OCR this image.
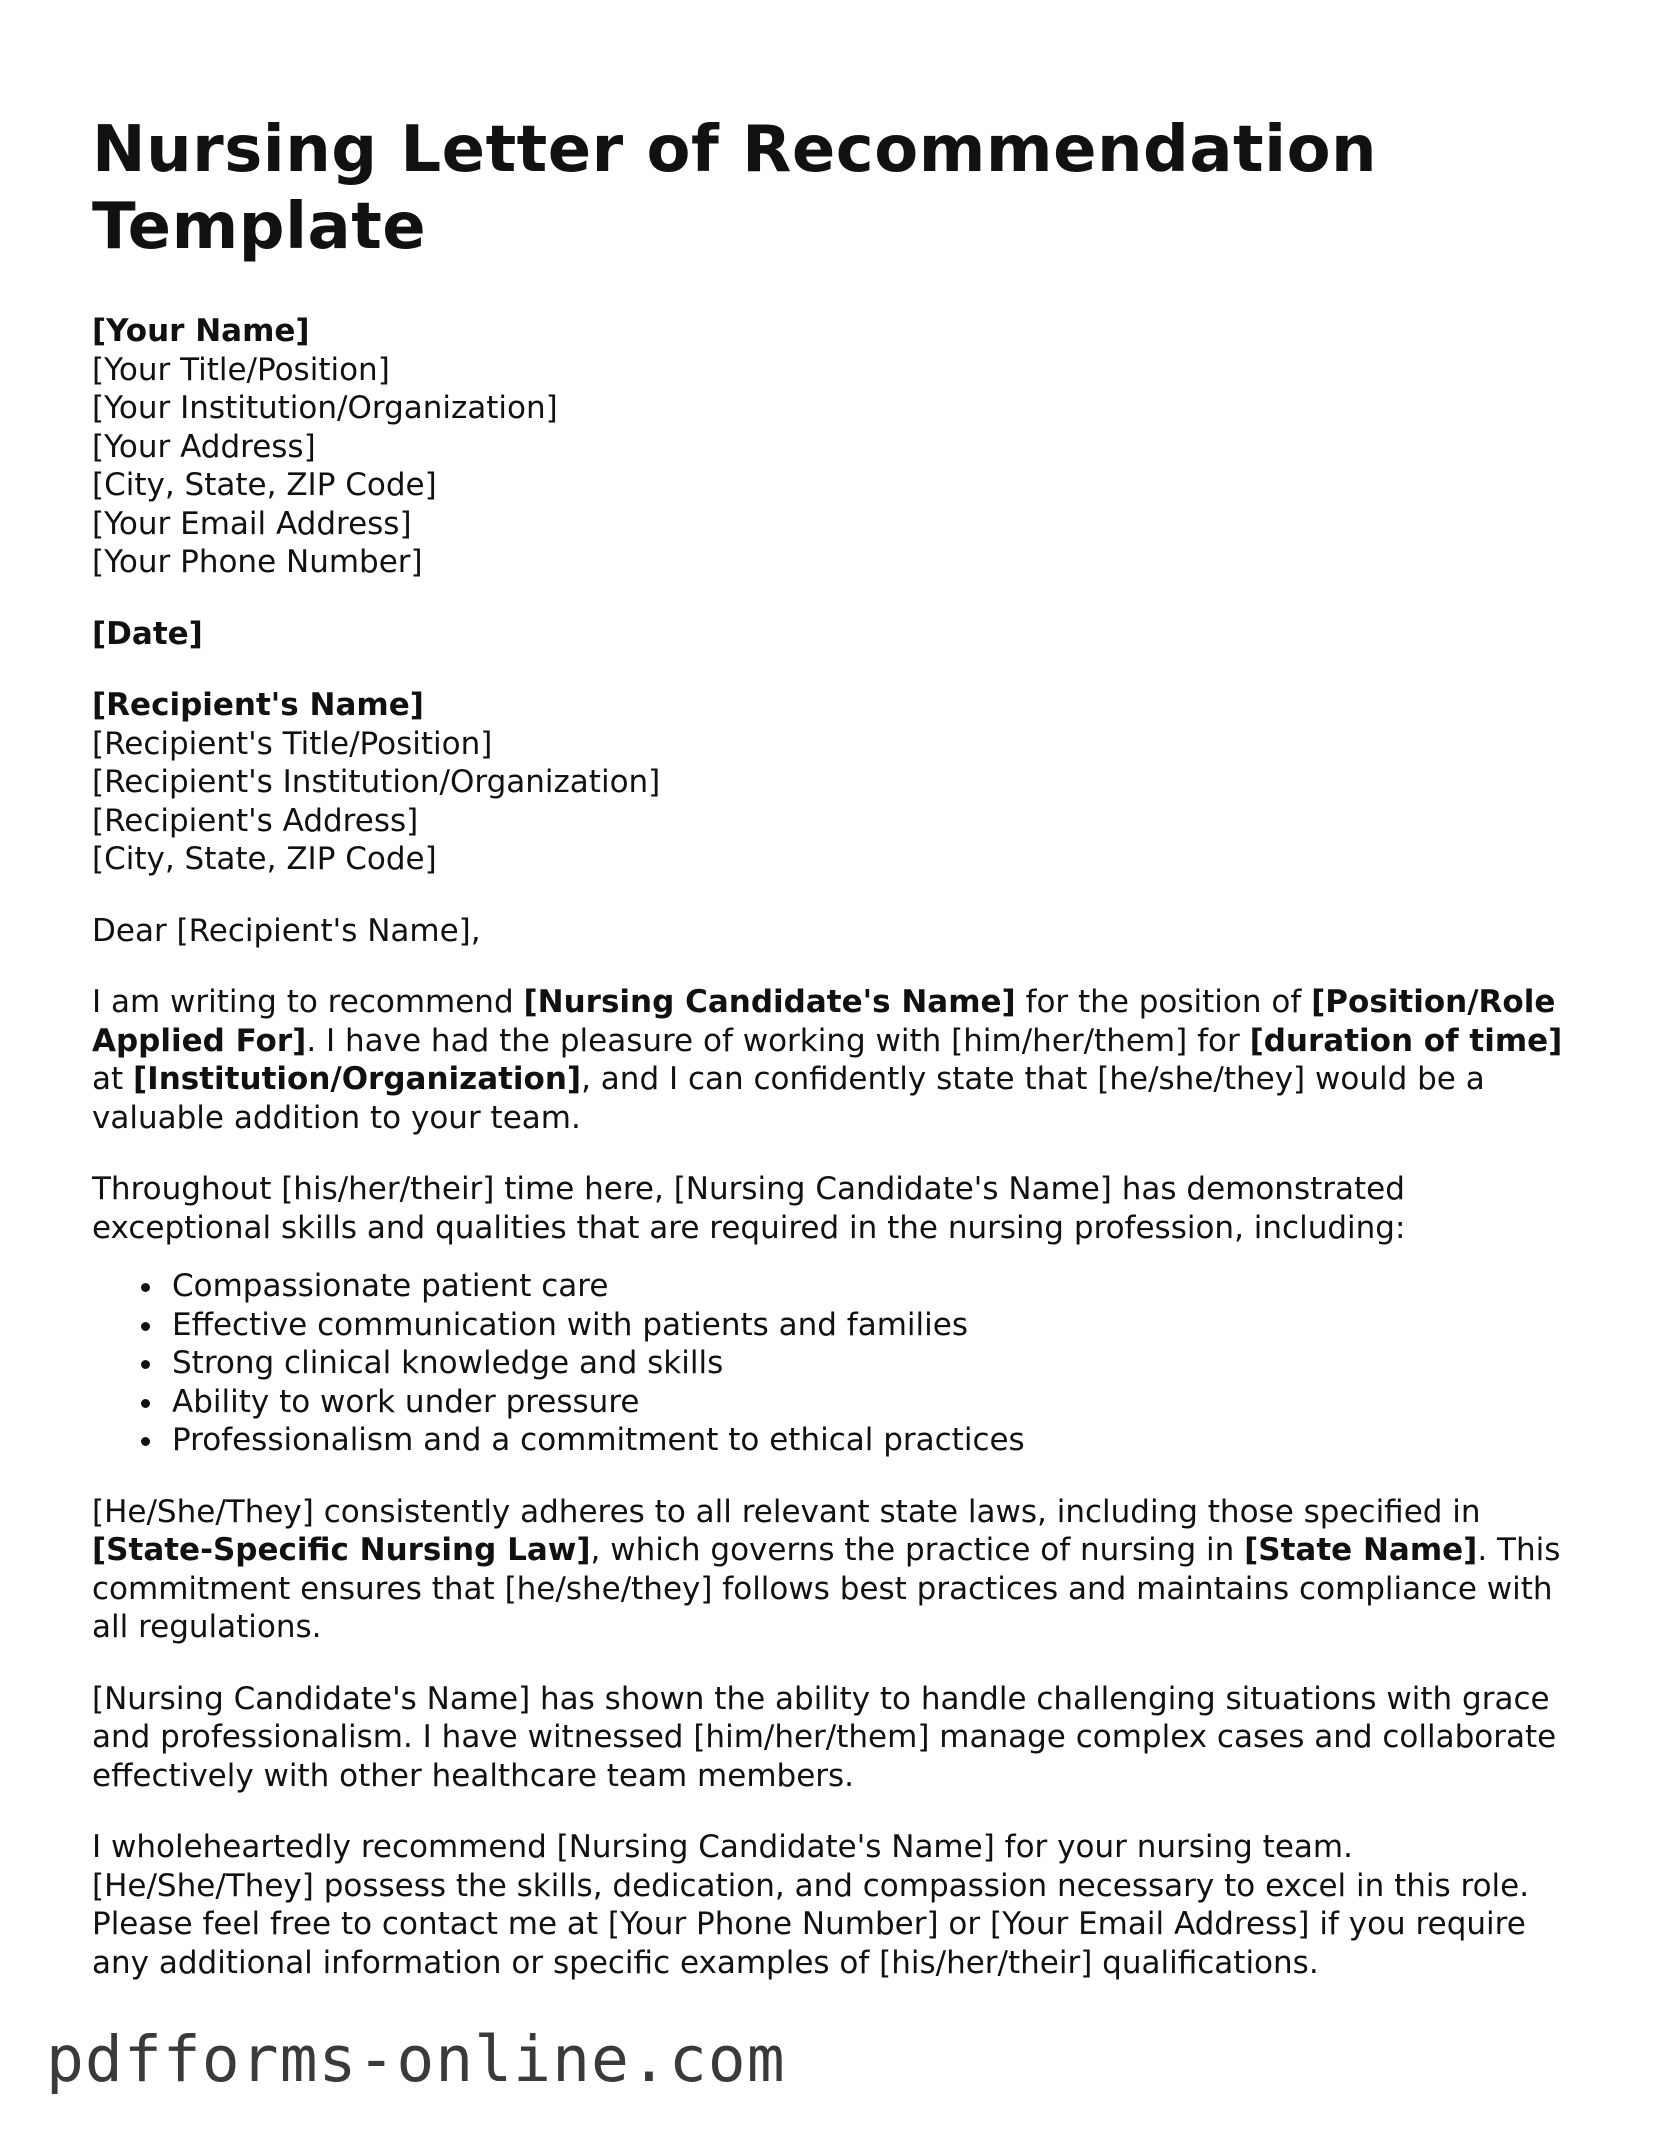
Nursing Letter of Recommendation Template
[Your Name]
[Your Title/Position]
[Your Institution/Organization]
[Your Address]
[City, State, ZIP Code]
[Your Email Address]
[Your Phone Number]
[Date]
[Recipient's Name]
[Recipient's Title/Position]
[Recipient's Institution/Organization]
[Recipient's Address]
[City, State, ZIP Code]
Dear [Recipient's Name],
I am writing to recommend [Nursing Candidate's Name] for the position of [Position/Role Applied For]. I have had the pleasure of working with [him/her/them] for [duration of time] at [Institution/Organization], and I can confidently state that [he/she/they] would be a valuable addition to your team.
Throughout [his/her/their] time here, [Nursing Candidate's Name] has demonstrated exceptional skills and qualities that are required in the nursing profession, including:
Compassionate patient care
Effective communication with patients and families
Strong clinical knowledge and skills
Ability to work under pressure
Professionalism and a commitment to ethical practices
[He/She/They] consistently adheres to all relevant state laws, including those specified in [State-Specific Nursing Law], which governs the practice of nursing in [State Name]. This commitment ensures that [he/she/they] follows best practices and maintains compliance with all regulations.
[Nursing Candidate's Name] has shown the ability to handle challenging situations with grace and professionalism. I have witnessed [him/her/them] manage complex cases and collaborate effectively with other healthcare team members.
I wholeheartedly recommend [Nursing Candidate's Name] for your nursing team. [He/She/They] possess the skills, dedication, and compassion necessary to excel in this role. Please feel free to contact me at [Your Phone Number] or [Your Email Address] if you require any additional information or specific examples of [his/her/their] qualifications.
pdfforms-online.com
